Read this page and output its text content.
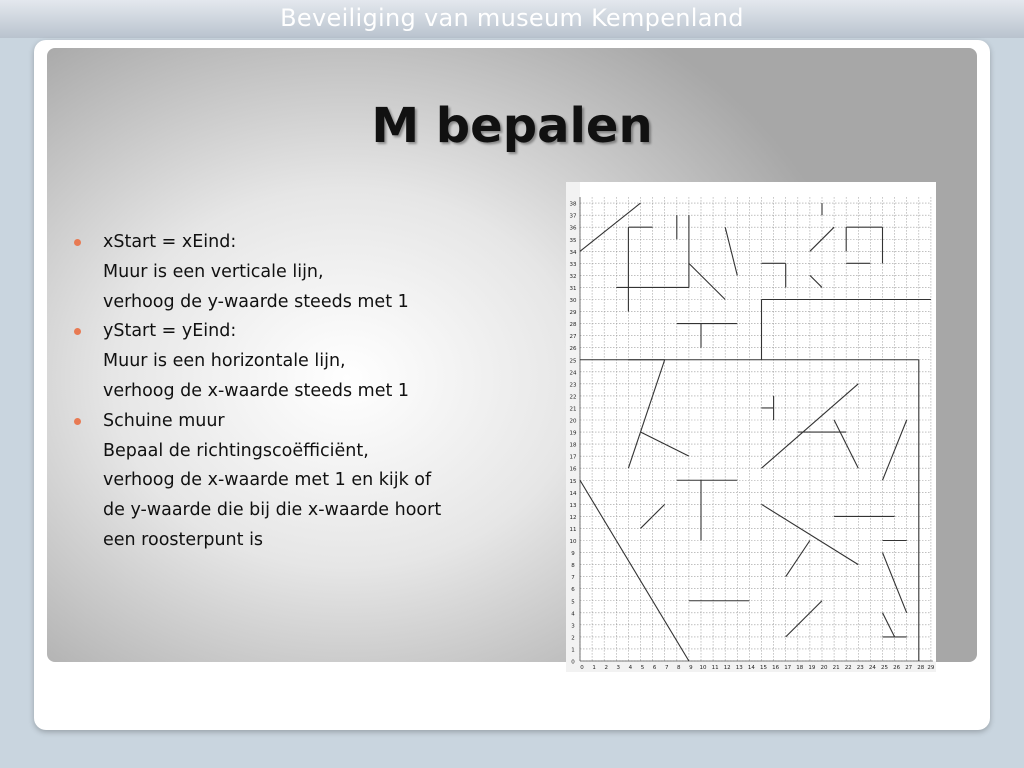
Beveiliging van museum Kempenland
M bepalen
xStart = xEind:
Muur is een verticale lijn,
verhoog de y-waarde steeds met 1
yStart = yEind:
Muur is een horizontale lijn,
verhoog de x-waarde steeds met 1
Schuine muur
Bepaal de richtingscoëfficiënt,
verhoog de x-waarde met 1 en kijk of
de y-waarde die bij die x-waarde hoort
een roosterpunt is
0
1
2
3
4
5
6
7
8
9
10
11
12
13
14
15
16
17
18
19
20
21
22
23
24
25
26
27
28
29
30
31
32
33
34
35
36
37
38
0 1 2 3 4 5 6 7 8 9 10 11 12 13 14 15 16 17 18 19 20 21 22 23 24 25 26 27 28 29
